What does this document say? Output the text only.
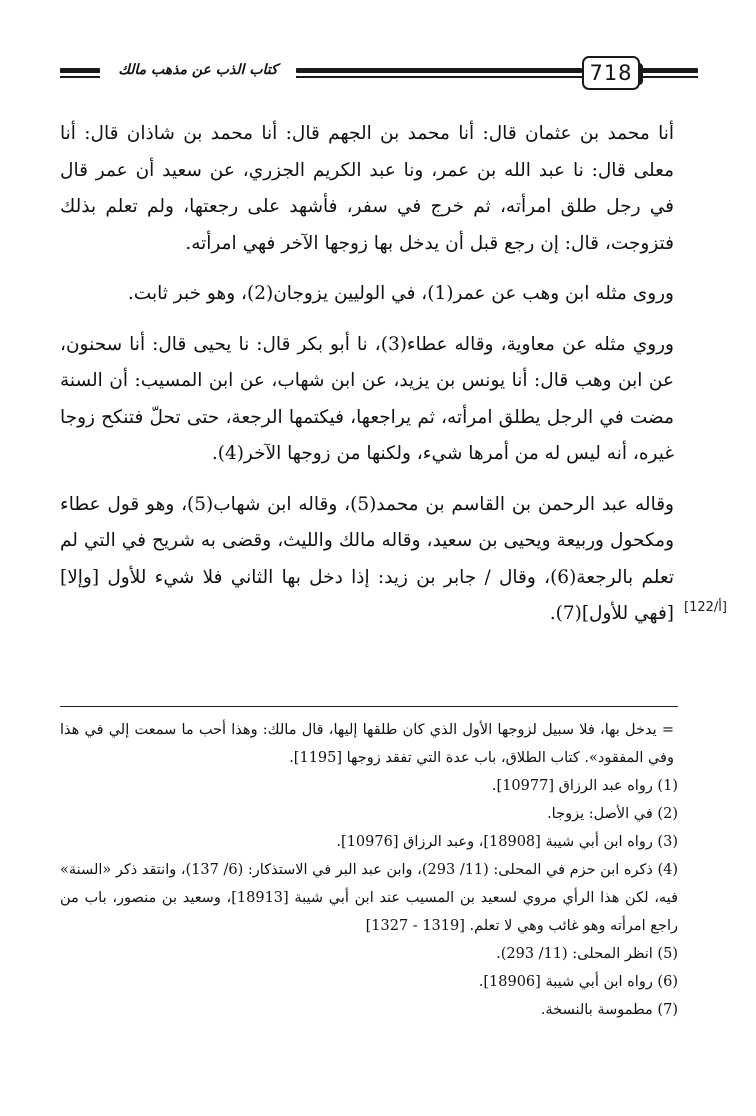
718
كتاب الذب عن مذهب مالك

أنا محمد بن عثمان قال: أنا محمد بن الجهم قال: أنا محمد بن شاذان قال: أنا معلى قال: نا عبد الله بن عمر، ونا عبد الكريم الجزري، عن سعيد أن عمر قال في رجل طلق امرأته، ثم خرج في سفر، فأشهد على رجعتها، ولم تعلم بذلك فتزوجت، قال: إن رجع قبل أن يدخل بها زوجها الآخر فهي امرأته.

وروى مثله ابن وهب عن عمر(1)، في الوليين يزوجان(2)، وهو خبر ثابت.

وروي مثله عن معاوية، وقاله عطاء(3)، نا أبو بكر قال: نا يحيى قال: أنا سحنون، عن ابن وهب قال: أنا يونس بن يزيد، عن ابن شهاب، عن ابن المسيب: أن السنة مضت في الرجل يطلق امرأته، ثم يراجعها، فيكتمها الرجعة، حتى تحلّ فتنكح زوجا غيره، أنه ليس له من أمرها شيء، ولكنها من زوجها الآخر(4).

وقاله عبد الرحمن بن القاسم بن محمد(5)، وقاله ابن شهاب(5)، وهو قول عطاء ومكحول وربيعة ويحيى بن سعيد، وقاله مالك والليث، وقضى به شريح في التي لم تعلم بالرجعة(6)، وقال / جابر بن زيد: إذا دخل بها الثاني فلا شيء للأول [وإلا] [فهي للأول](7). [122/أ]

= يدخل بها، فلا سبيل لزوجها الأول الذي كان طلقها إليها، قال مالك: وهذا أحب ما سمعت إلي في هذا وفي المفقود». كتاب الطلاق، باب عدة التي تفقد زوجها [1195].

(1) رواه عبد الرزاق [10977].

(2) في الأصل: يزوجا.

(3) رواه ابن أبي شيبة [18908]، وعبد الرزاق [10976].

(4) ذكره ابن حزم في المحلى: (11/ 293)، وابن عبد البر في الاستذكار: (6/ 137)، وانتقد ذكر «السنة» فيه، لكن هذا الرأي مروي لسعيد بن المسيب عند ابن أبي شيبة [18913]، وسعيد بن منصور، باب من راجع امرأته وهو غائب وهي لا تعلم. [1319 - 1327]

(5) انظر المحلى: (11/ 293).

(6) رواه ابن أبي شيبة [18906].

(7) مطموسة بالنسخة.
